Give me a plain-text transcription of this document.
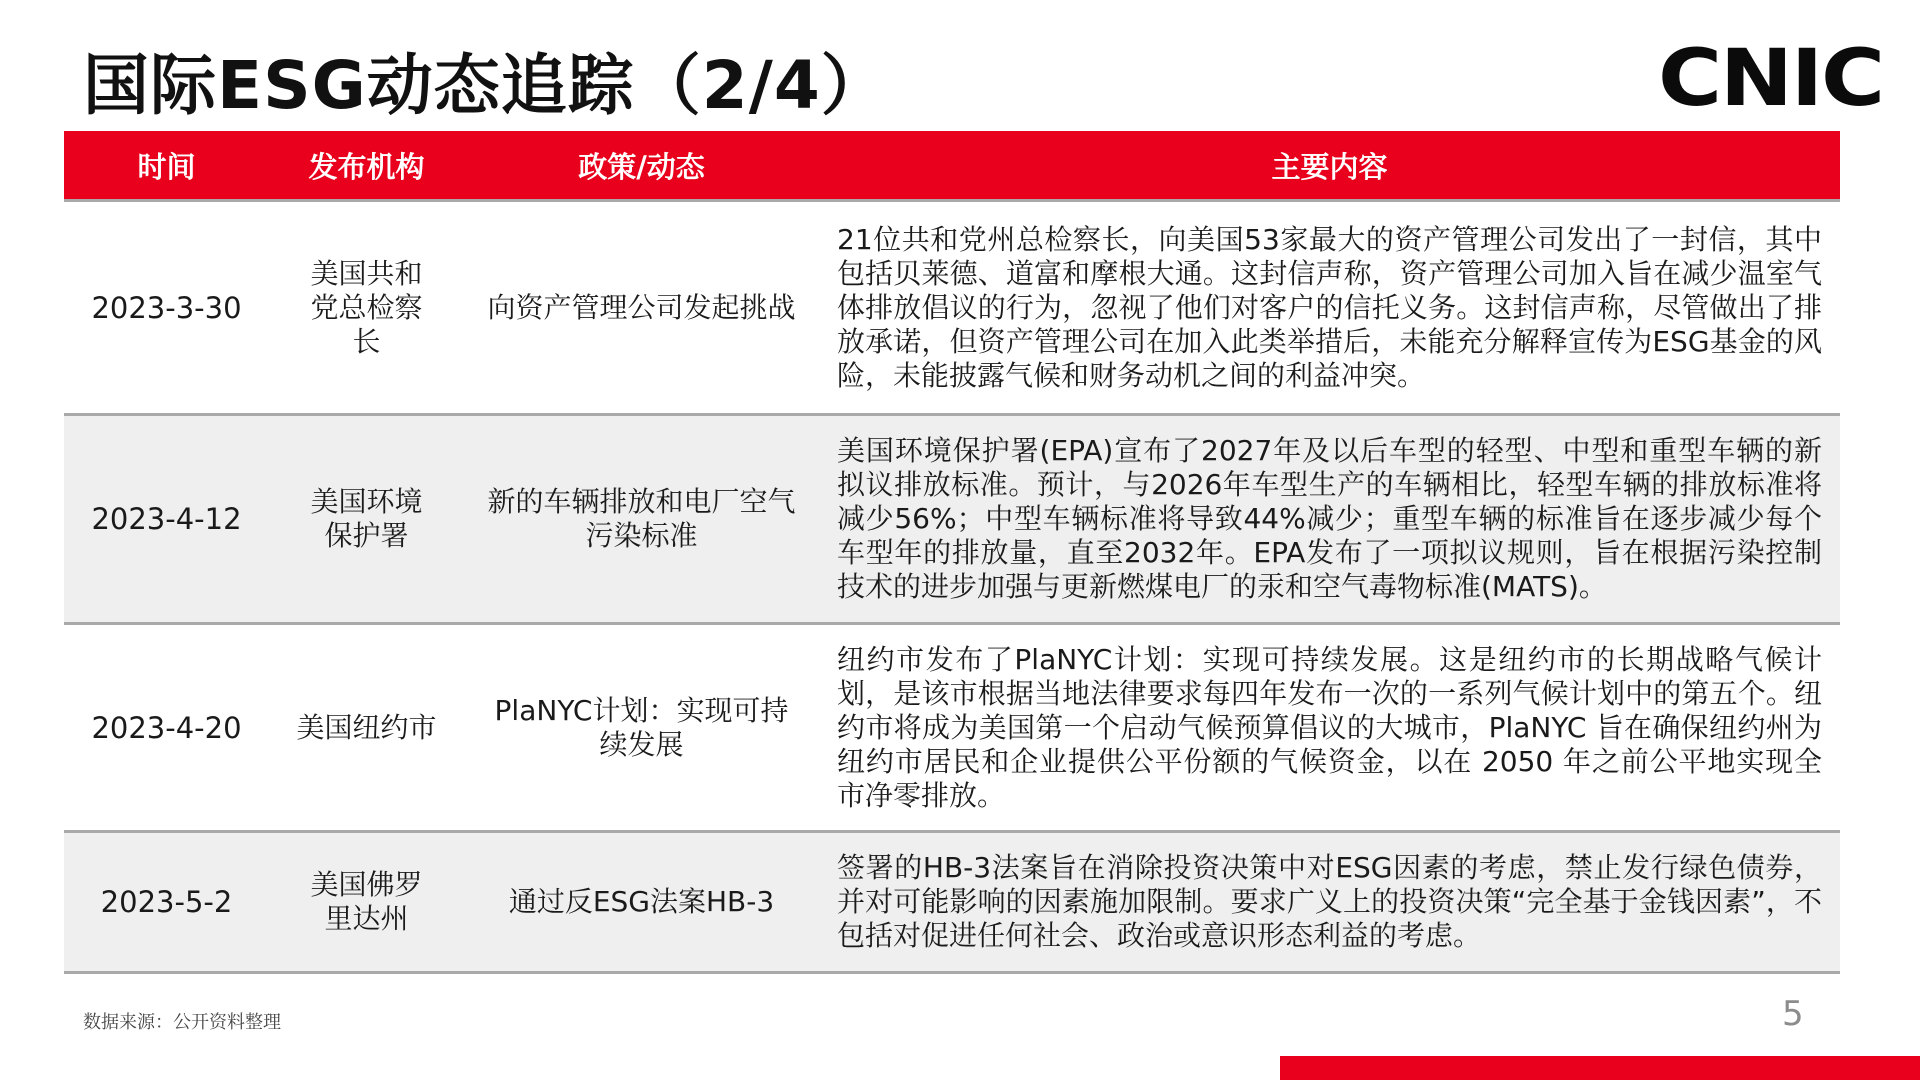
国际ESG动态追踪（2/4）	CNIC
时间	发布机构	政策/动态	主要内容
2023-3-30	美国共和党总检察长	向资产管理公司发起挑战	21位共和党州总检察长，向美国53家最大的资产管理公司发出了一封信，其中包括贝莱德、道富和摩根大通。这封信声称，资产管理公司加入旨在减少温室气体排放倡议的行为，忽视了他们对客户的信托义务。这封信声称，尽管做出了排放承诺，但资产管理公司在加入此类举措后，未能充分解释宣传为ESG基金的风险，未能披露气候和财务动机之间的利益冲突。
2023-4-12	美国环境保护署	新的车辆排放和电厂空气污染标准	美国环境保护署(EPA)宣布了2027年及以后车型的轻型、中型和重型车辆的新拟议排放标准。预计，与2026年车型生产的车辆相比，轻型车辆的排放标准将减少56%；中型车辆标准将导致44%减少；重型车辆的标准旨在逐步减少每个车型年的排放量，直至2032年。EPA发布了一项拟议规则，旨在根据污染控制技术的进步加强与更新燃煤电厂的汞和空气毒物标准(MATS)。
2023-4-20	美国纽约市	PlaNYC计划：实现可持续发展	纽约市发布了PlaNYC计划：实现可持续发展。这是纽约市的长期战略气候计划，是该市根据当地法律要求每四年发布一次的一系列气候计划中的第五个。纽约市将成为美国第一个启动气候预算倡议的大城市，PlaNYC 旨在确保纽约州为纽约市居民和企业提供公平份额的气候资金，以在 2050 年之前公平地实现全市净零排放。
2023-5-2	美国佛罗里达州	通过反ESG法案HB-3	签署的HB-3法案旨在消除投资决策中对ESG因素的考虑，禁止发行绿色债券，并对可能影响的因素施加限制。要求广义上的投资决策“完全基于金钱因素”，不包括对促进任何社会、政治或意识形态利益的考虑。
数据来源：公开资料整理	5
